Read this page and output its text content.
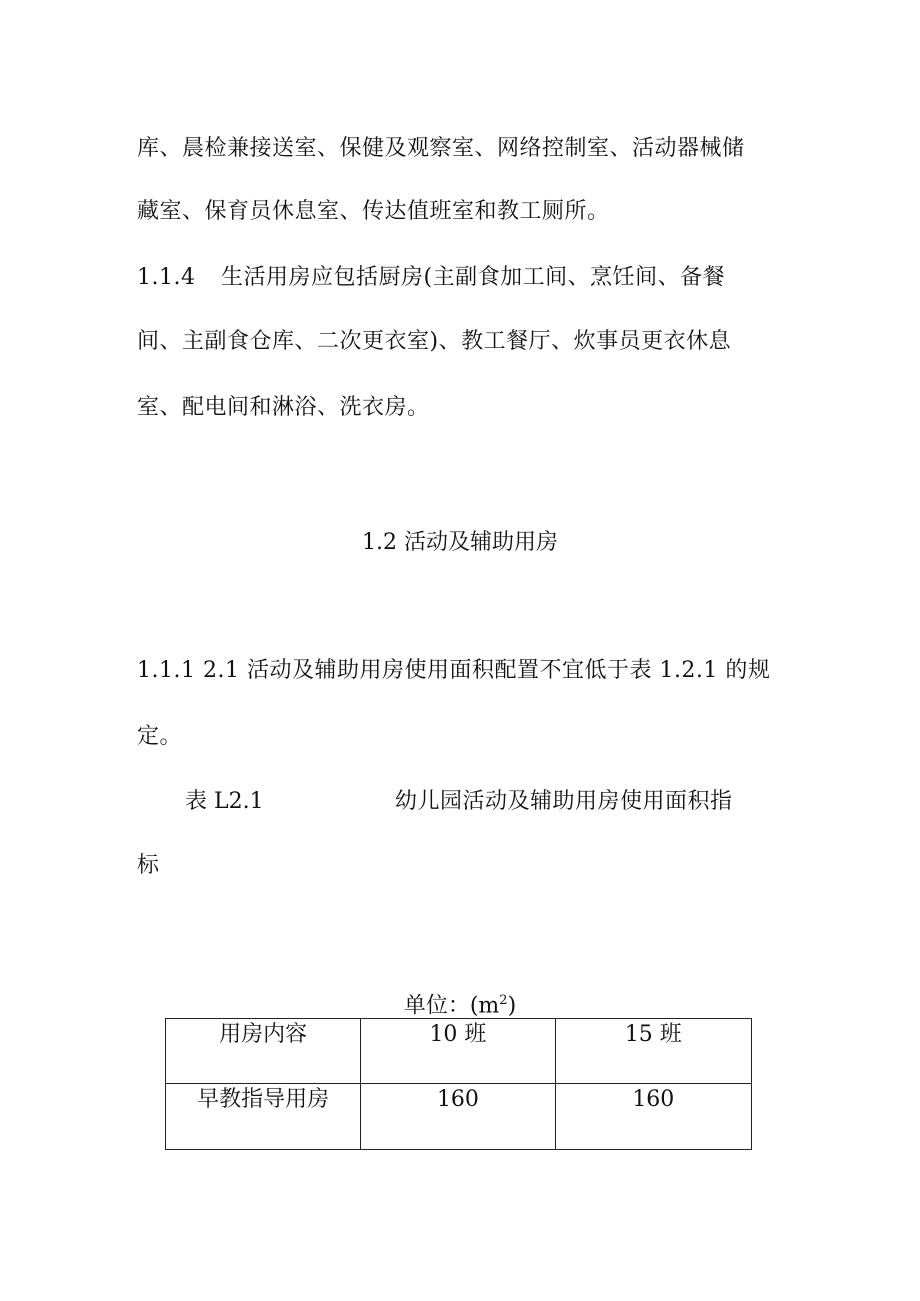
库、晨检兼接送室、保健及观察室、网络控制室、活动器械储
藏室、保育员休息室、传达值班室和教工厕所。
1.1.4 生活用房应包括厨房(主副食加工间、烹饪间、备餐
间、主副食仓库、二次更衣室)、教工餐厅、炊事员更衣休息
室、配电间和淋浴、洗衣房。
1.2 活动及辅助用房
1.1.1 2.1 活动及辅助用房使用面积配置不宜低于表 1.2.1 的规
定。
表 L2.1	幼儿园活动及辅助用房使用面积指
标
单位：$(m^2)$
用房内容	10 班	15 班
早教指导用房	160	160
